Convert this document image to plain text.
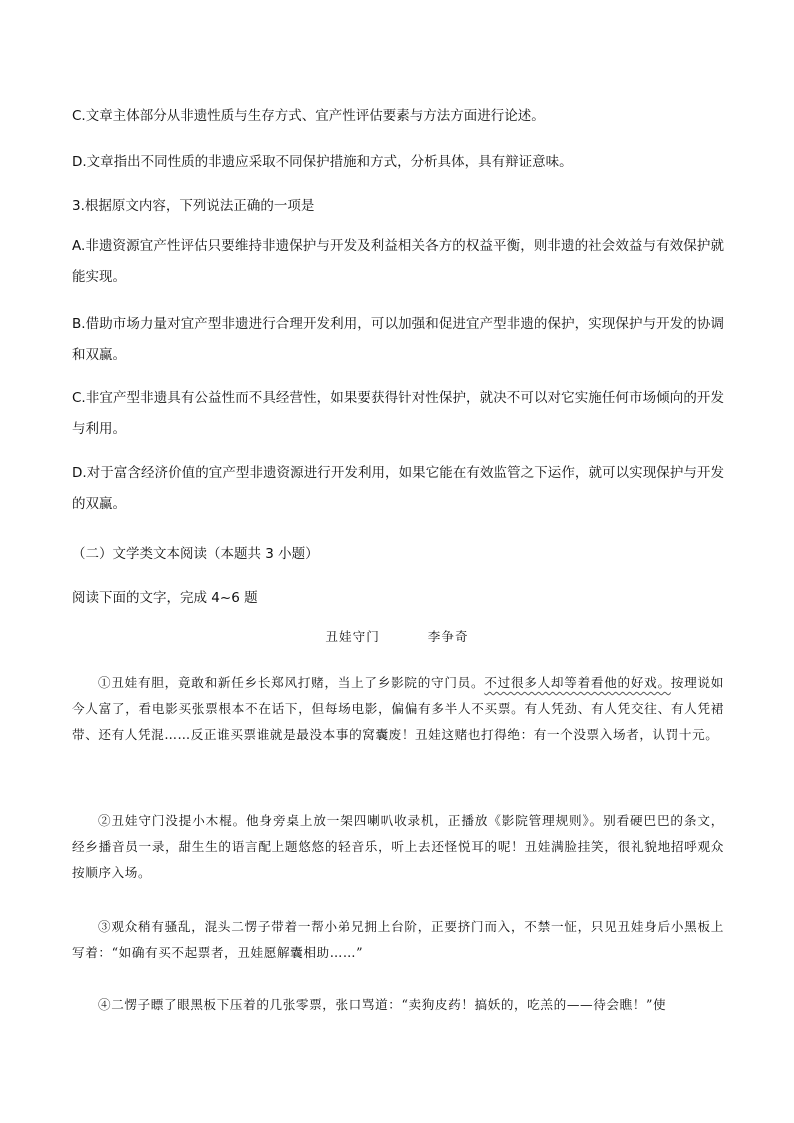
C.文章主体部分从非遗性质与生存方式、宜产性评估要素与方法方面进行论述。
D.文章指出不同性质的非遗应采取不同保护措施和方式，分析具体，具有辩证意味。
3.根据原文内容，下列说法正确的一项是
A.非遗资源宜产性评估只要维持非遗保护与开发及利益相关各方的权益平衡，则非遗的社会效益与有效保护就能实现。
B.借助市场力量对宜产型非遗进行合理开发利用，可以加强和促进宜产型非遗的保护，实现保护与开发的协调和双赢。
C.非宜产型非遗具有公益性而不具经营性，如果要获得针对性保护，就决不可以对它实施任何市场倾向的开发与利用。
D.对于富含经济价值的宜产型非遗资源进行开发利用，如果它能在有效监管之下运作，就可以实现保护与开发的双赢。
（二）文学类文本阅读（本题共 3 小题）
阅读下面的文字，完成 4~6 题
丑娃守门	李争奇
①丑娃有胆，竟敢和新任乡长郑风打赌，当上了乡影院的守门员。不过很多人却等着看他的好戏。按理说如今人富了，看电影买张票根本不在话下，但每场电影，偏偏有多半人不买票。有人凭劲、有人凭交往、有人凭裙带、还有人凭混……反正谁买票谁就是最没本事的窝囊废！丑娃这赌也打得绝：有一个没票入场者，认罚十元。
②丑娃守门没提小木棍。他身旁桌上放一架四喇叭收录机，正播放《影院管理规则》。别看硬巴巴的条文，经乡播音员一录，甜生生的语言配上题悠悠的轻音乐，听上去还怪悦耳的呢！丑娃满脸挂笑，很礼貌地招呼观众按顺序入场。
③观众稍有骚乱，混头二愣子带着一帮小弟兄拥上台阶，正要挤门而入，不禁一怔，只见丑娃身后小黑板上写着：“如确有买不起票者，丑娃愿解囊相助……”
④二愣子瞟了眼黑板下压着的几张零票，张口骂道：“卖狗皮药！搞妖的，吃羔的——待会瞧！”使
